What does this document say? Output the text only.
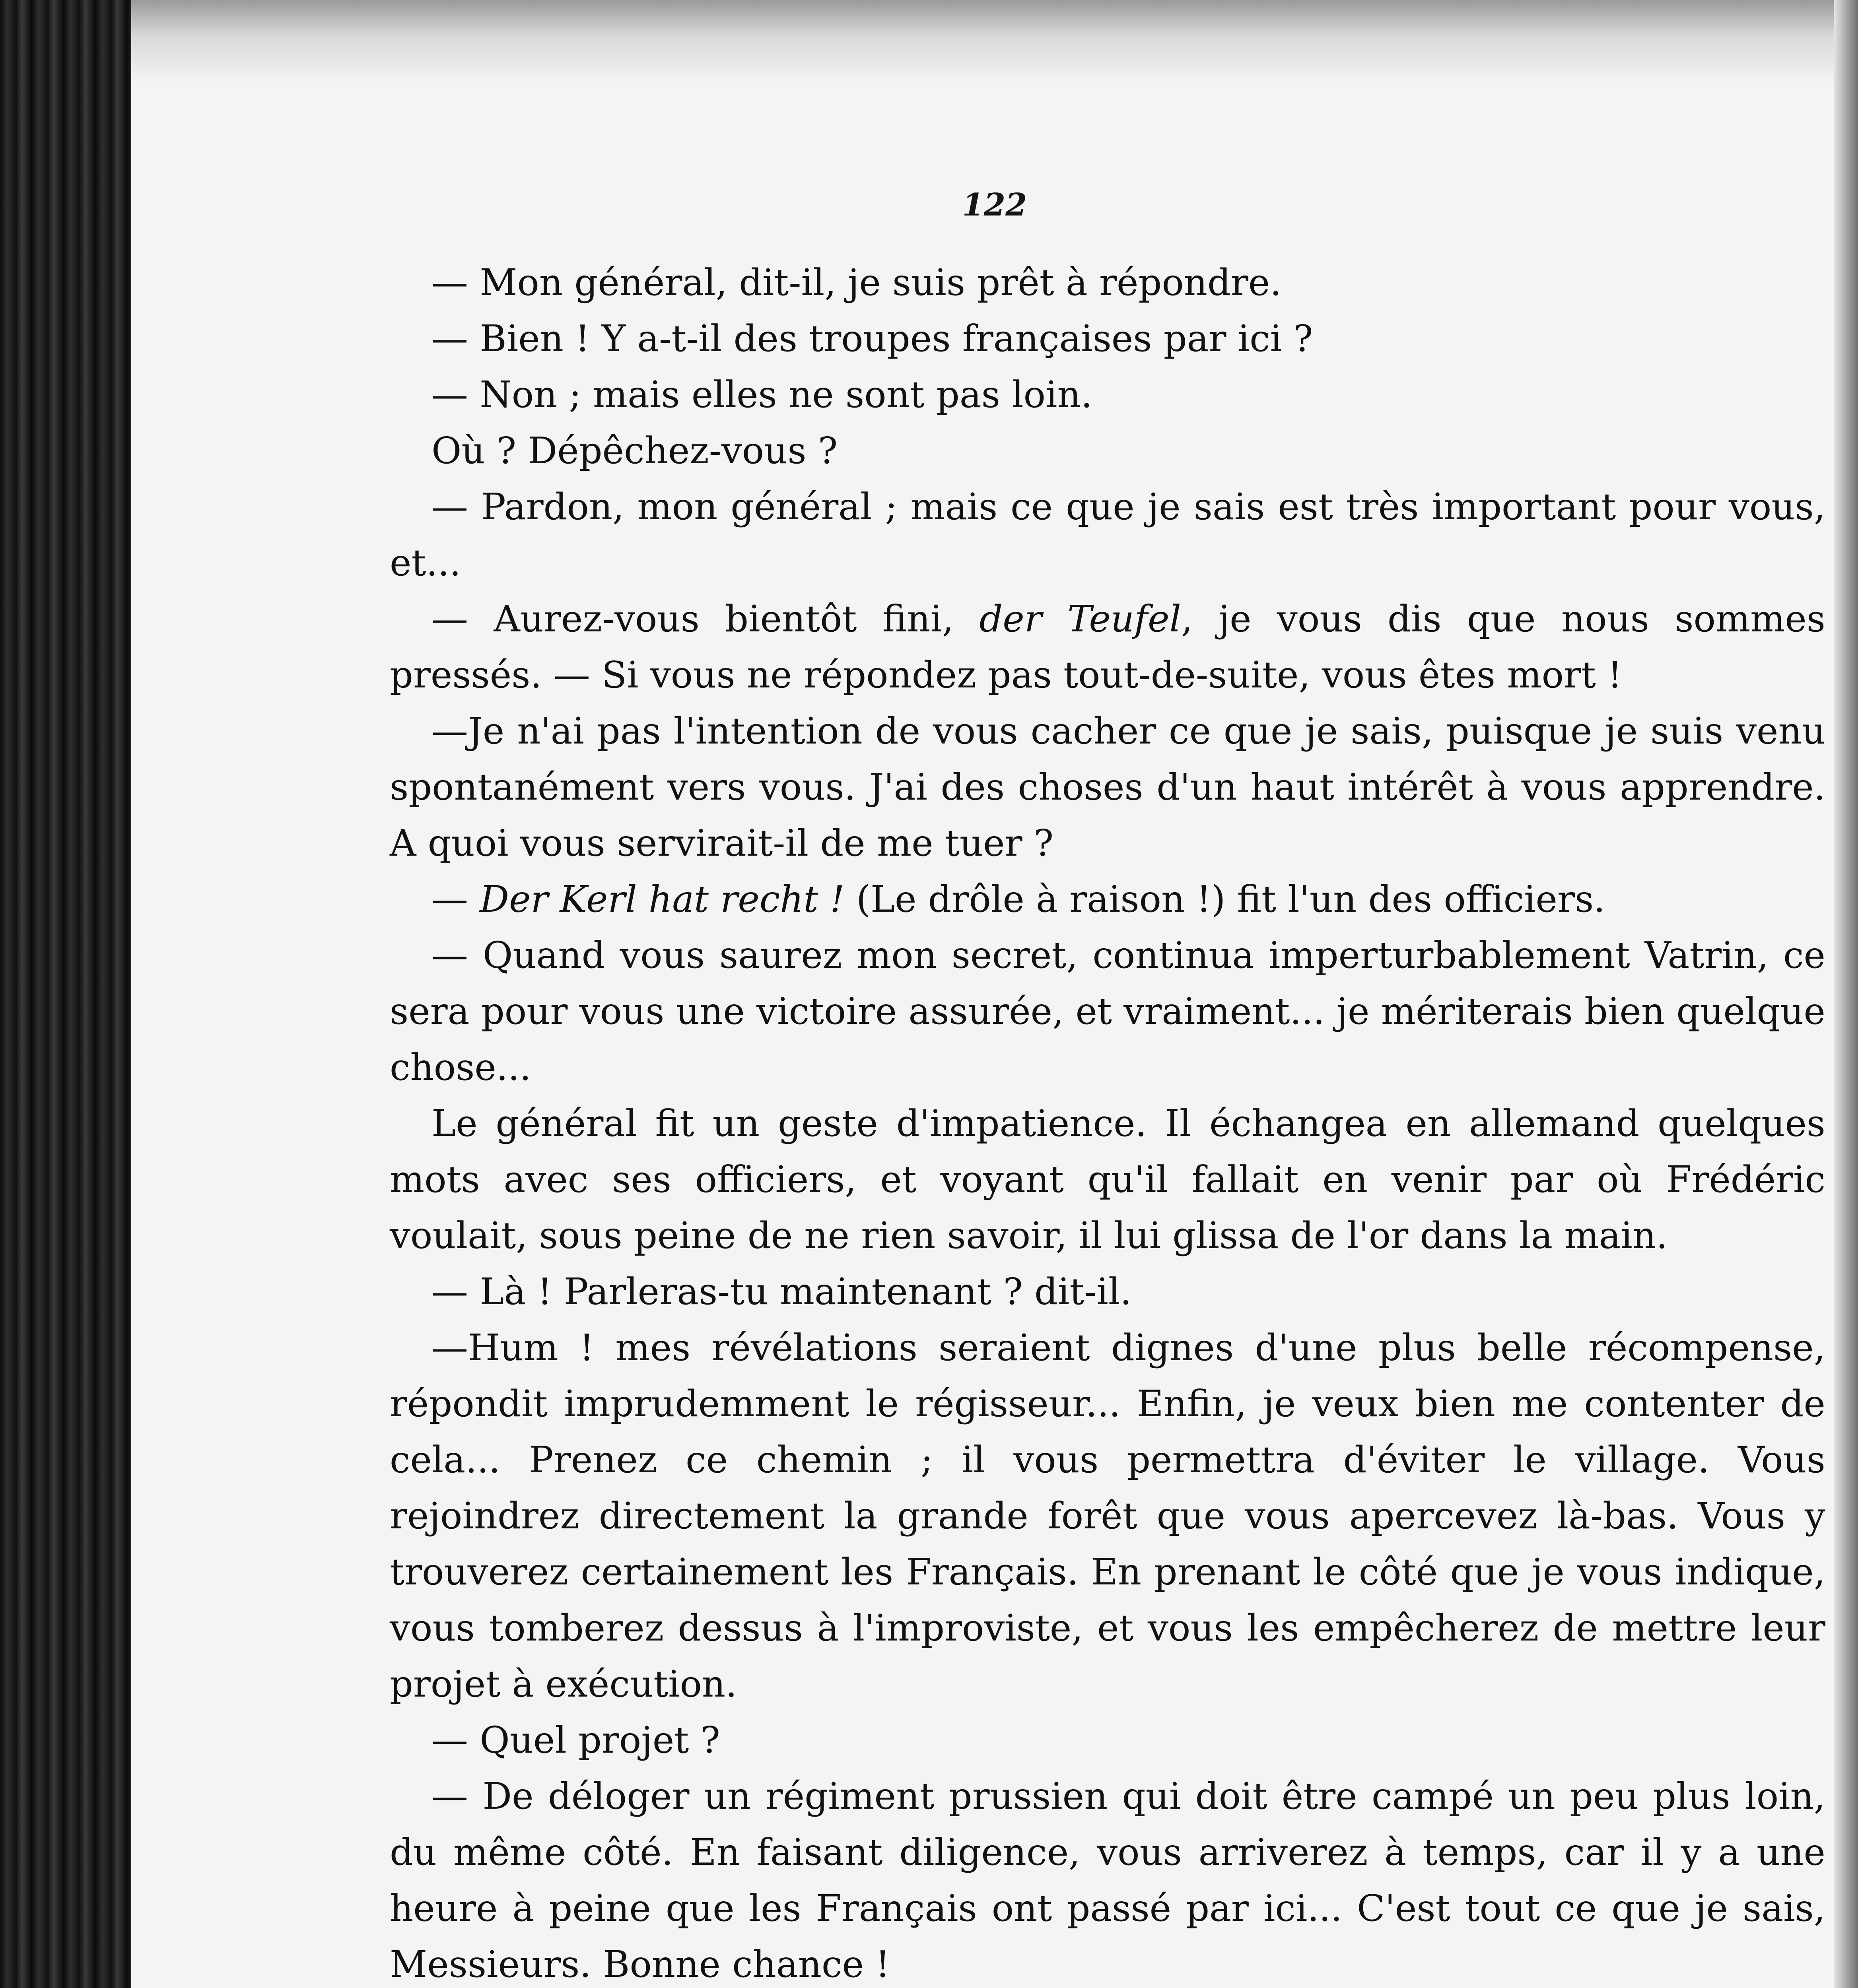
122

— Mon général, dit-il, je suis prêt à répondre.

— Bien ! Y a-t-il des troupes françaises par ici ?

— Non ; mais elles ne sont pas loin.

Où ? Dépêchez-vous ?

— Pardon, mon général ; mais ce que je sais est très important pour vous, et...

— Aurez-vous bientôt fini, der Teufel, je vous dis que nous sommes pressés. — Si vous ne répondez pas tout-de-suite, vous êtes mort !

—Je n'ai pas l'intention de vous cacher ce que je sais, puisque je suis venu spontanément vers vous. J'ai des choses d'un haut intérêt à vous apprendre. A quoi vous servirait-il de me tuer ?

— Der Kerl hat recht ! (Le drôle à raison !) fit l'un des officiers.

— Quand vous saurez mon secret, continua imperturbablement Vatrin, ce sera pour vous une victoire assurée, et vraiment... je mériterais bien quelque chose...

Le général fit un geste d'impatience. Il échangea en allemand quelques mots avec ses officiers, et voyant qu'il fallait en venir par où Frédéric voulait, sous peine de ne rien savoir, il lui glissa de l'or dans la main.

— Là ! Parleras-tu maintenant ? dit-il.

—Hum ! mes révélations seraient dignes d'une plus belle récompense, répondit imprudemment le régisseur... Enfin, je veux bien me contenter de cela... Prenez ce chemin ; il vous permettra d'éviter le village. Vous rejoindrez directement la grande forêt que vous apercevez là-bas. Vous y trouverez certainement les Français. En prenant le côté que je vous indique, vous tomberez dessus à l'improviste, et vous les empêcherez de mettre leur projet à exécution.

— Quel projet ?

— De déloger un régiment prussien qui doit être campé un peu plus loin, du même côté. En faisant diligence, vous arriverez à temps, car il y a une heure à peine que les Français ont passé par ici... C'est tout ce que je sais, Messieurs. Bonne chance !
